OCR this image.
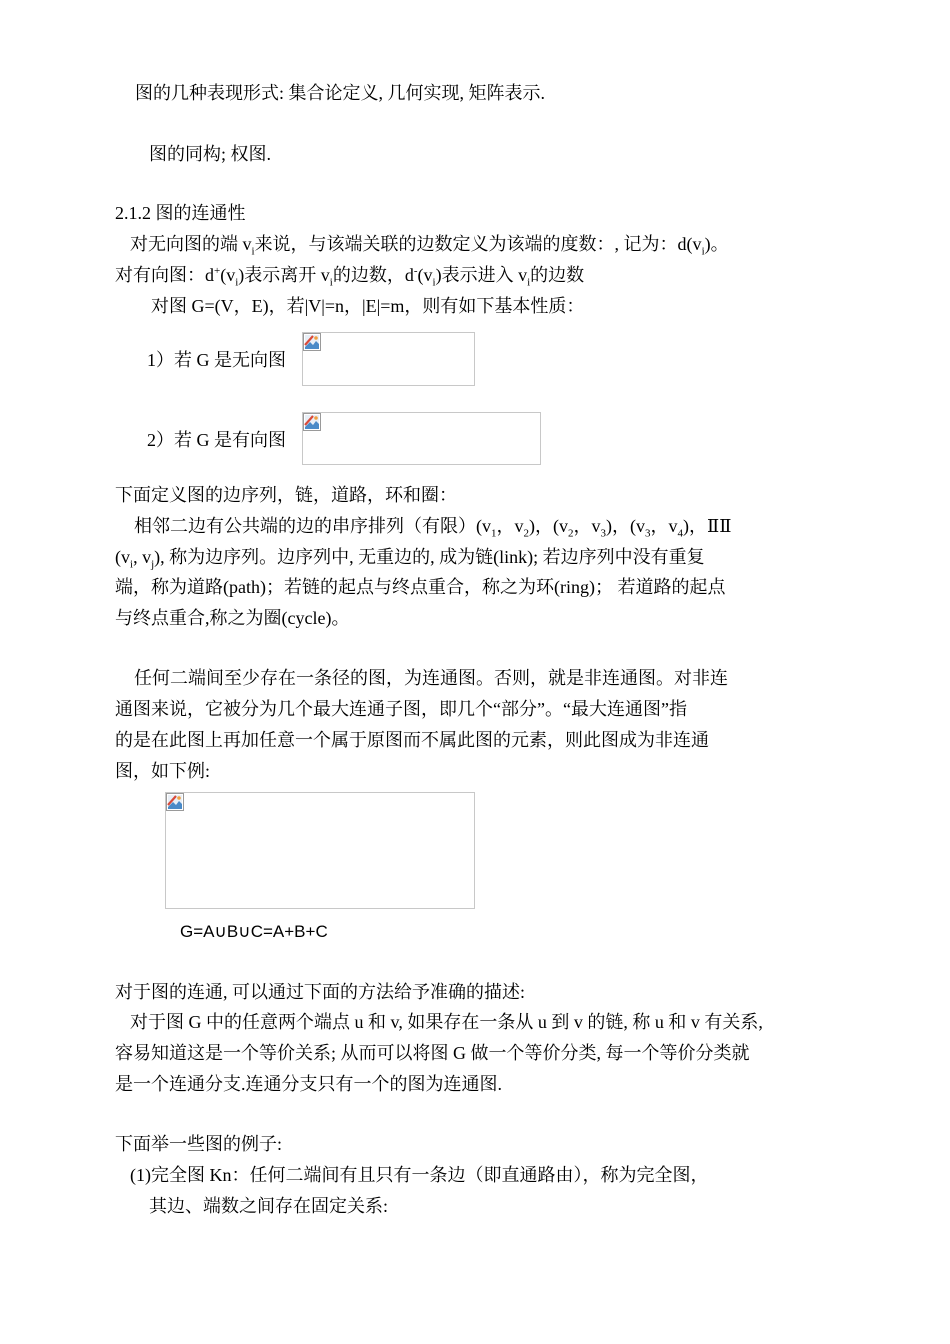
图的几种表现形式: 集合论定义, 几何实现, 矩阵表示.
图的同构; 权图.
2.1.2 图的连通性
对无向图的端 $v_i$来说，与该端关联的边数定义为该端的度数：, 记为：$d(v_i)$。
对有向图：$d^+(v_i)$表示离开 $v_i$的边数，$d^-(v_i)$表示进入 $v_i$的边数
对图 G=(V，E)，若|V|=n，|E|=m，则有如下基本性质：
1）若 G 是无向图
2）若 G 是有向图
下面定义图的边序列，链，道路，环和圈：
相邻二边有公共端的边的串序排列（有限）($v_1$，$v_2$)，($v_2$，$v_3$)，($v_3$，$v_4$)，ⅡⅡ
($v_i$, $v_j$), 称为边序列。边序列中, 无重边的, 成为链(link); 若边序列中没有重复
端，称为道路(path)；若链的起点与终点重合，称之为环(ring)； 若道路的起点
与终点重合,称之为圈(cycle)。
任何二端间至少存在一条径的图，为连通图。否则，就是非连通图。对非连
通图来说，它被分为几个最大连通子图，即几个“部分”。“最大连通图”指
的是在此图上再加任意一个属于原图而不属此图的元素，则此图成为非连通
图，如下例:
G=A∪B∪C=A+B+C
对于图的连通, 可以通过下面的方法给予准确的描述:
对于图 G 中的任意两个端点 u 和 v, 如果存在一条从 u 到 v 的链, 称 u 和 v 有关系,
容易知道这是一个等价关系; 从而可以将图 G 做一个等价分类, 每一个等价分类就
是一个连通分支.连通分支只有一个的图为连通图.
下面举一些图的例子:
(1)完全图 Kn：任何二端间有且只有一条边（即直通路由），称为完全图，
其边、端数之间存在固定关系:
